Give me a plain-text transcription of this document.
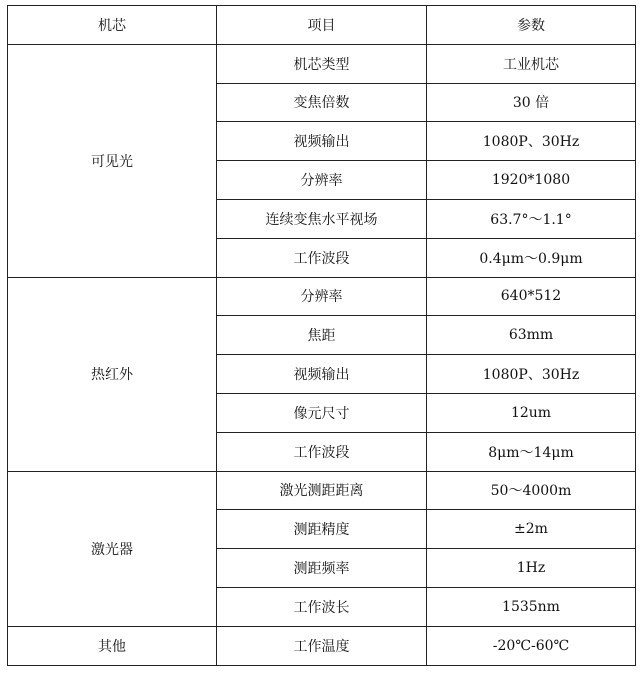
机芯	项目	参数
可见光	机芯类型	工业机芯
	变焦倍数	30 倍
	视频输出	1080P、30Hz
	分辨率	1920*1080
	连续变焦水平视场	63.7°～1.1°
	工作波段	0.4μm～0.9μm
热红外	分辨率	640*512
	焦距	63mm
	视频输出	1080P、30Hz
	像元尺寸	12um
	工作波段	8μm～14μm
激光器	激光测距距离	50～4000m
	测距精度	±2m
	测距频率	1Hz
	工作波长	1535nm
其他	工作温度	-20℃-60℃
